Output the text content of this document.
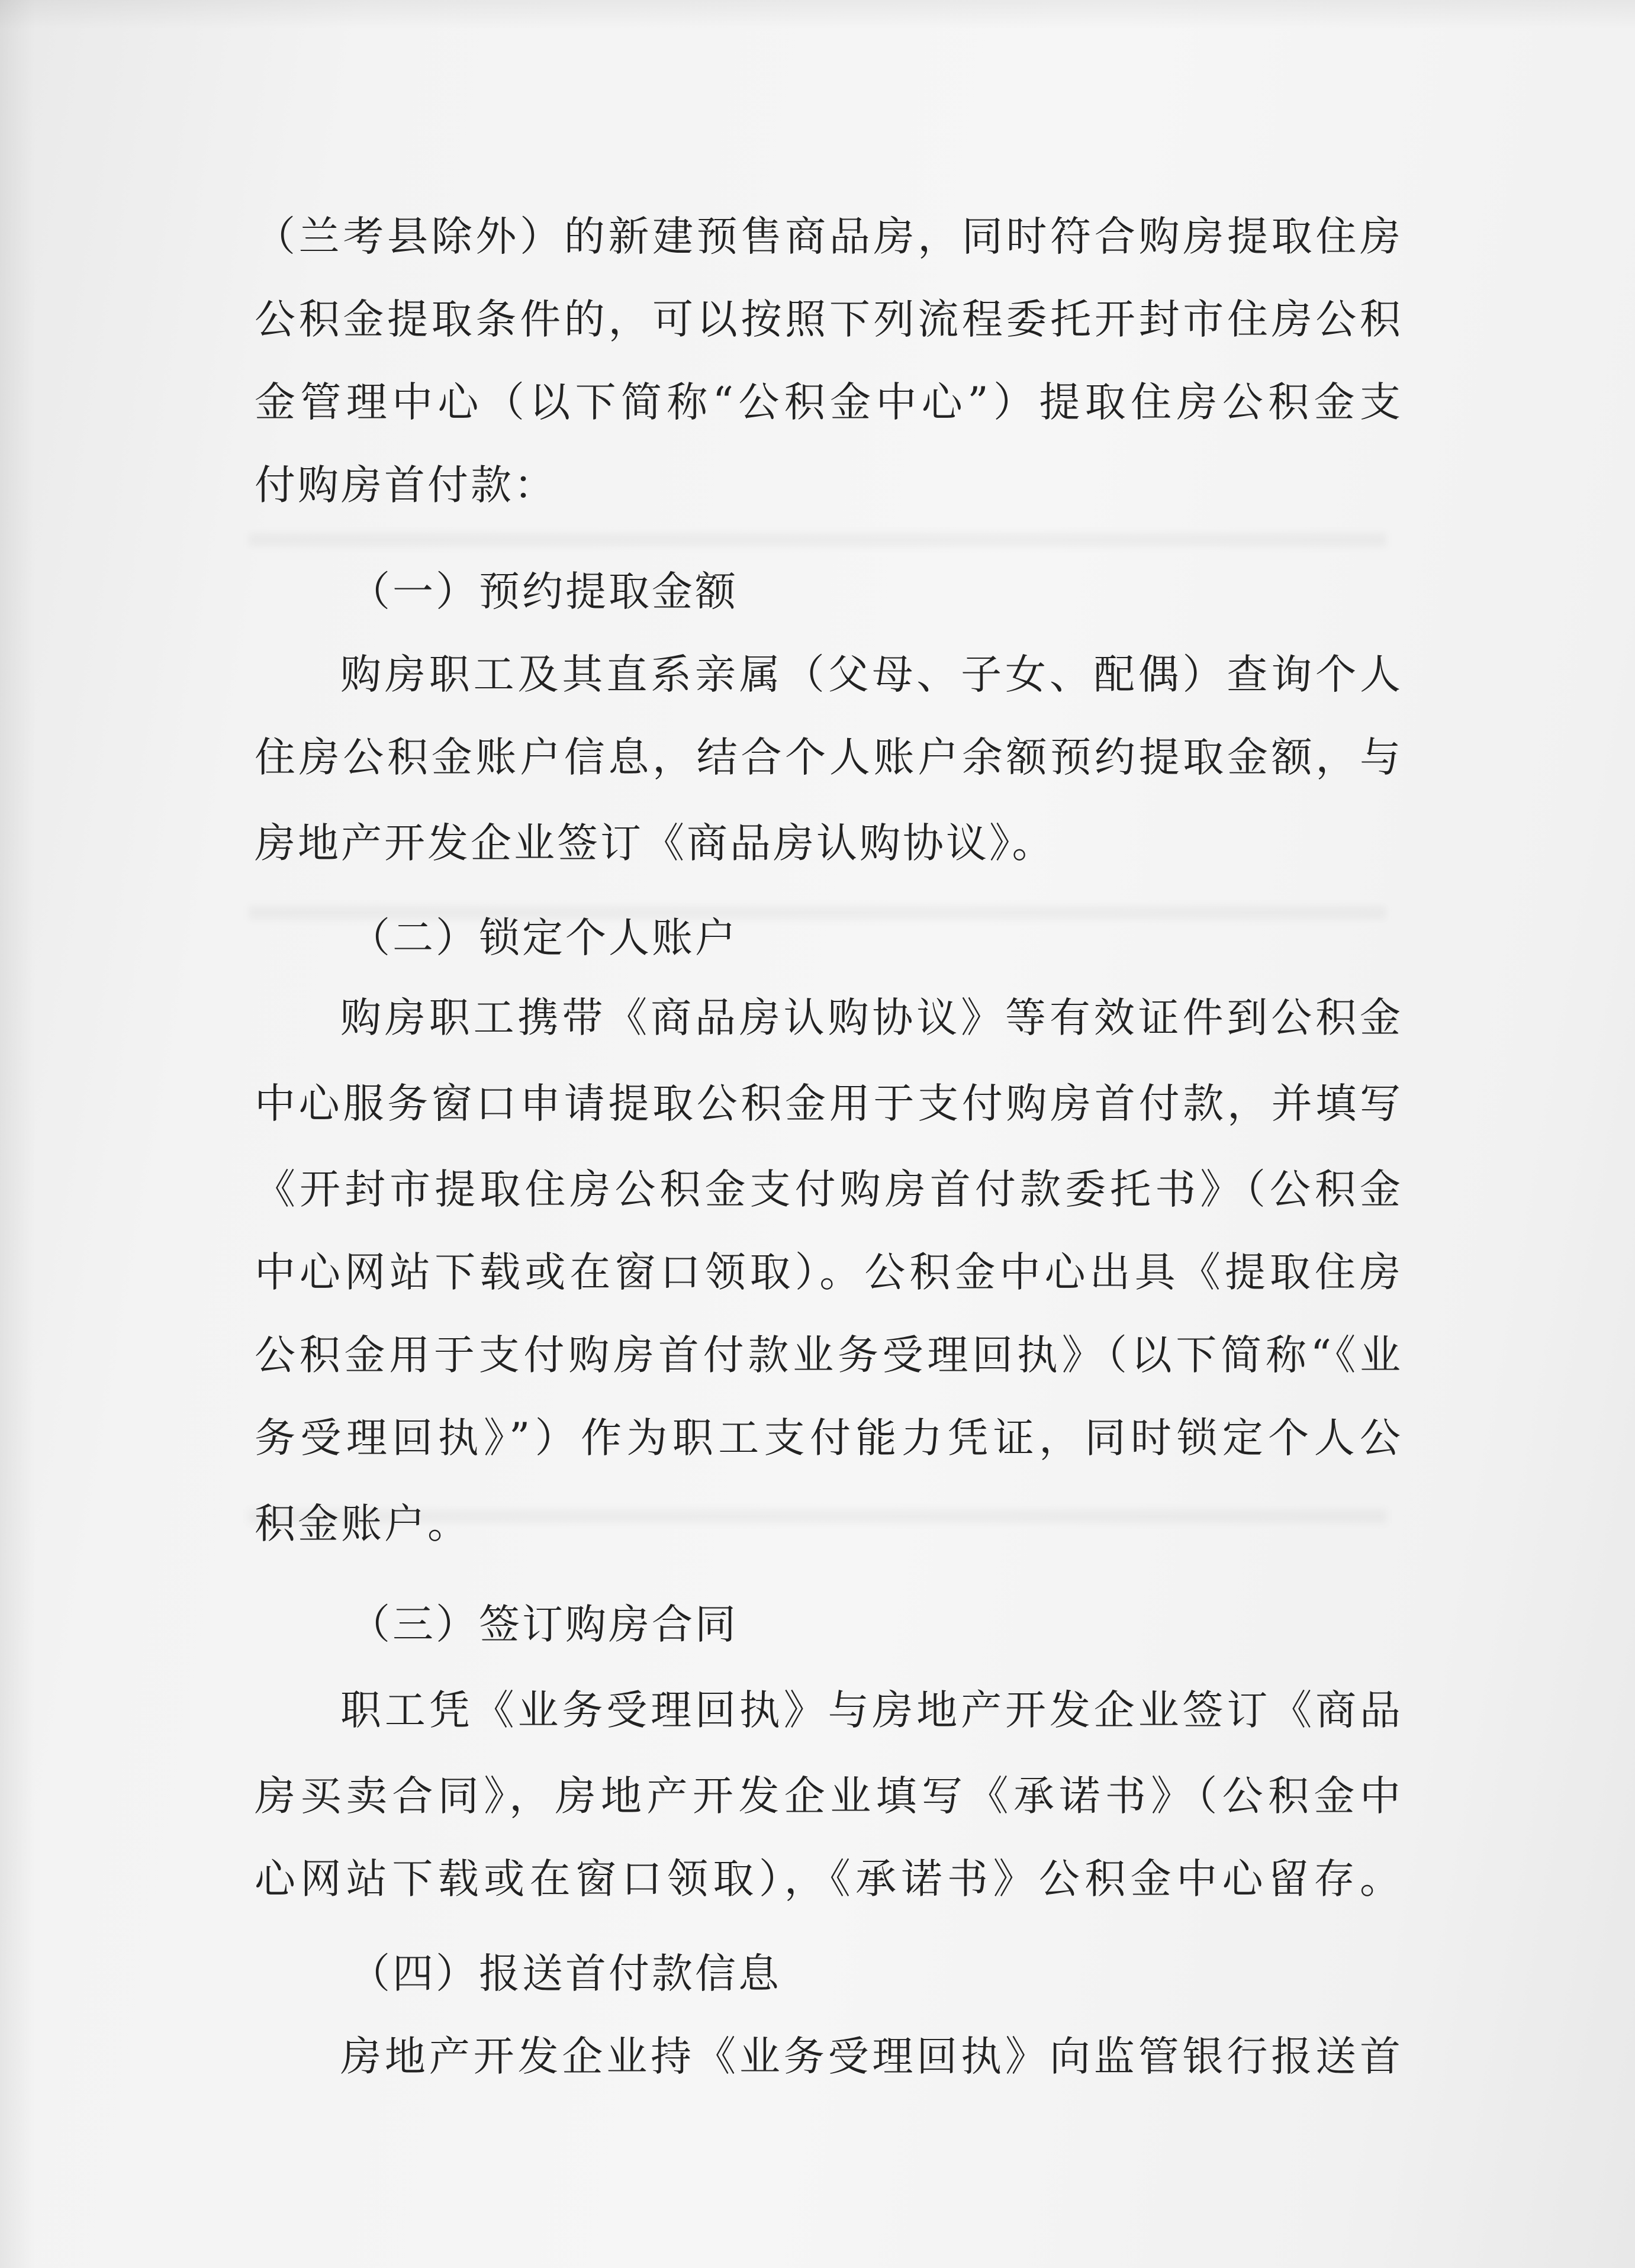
（兰考县除外）的新建预售商品房，同时符合购房提取住房
公积金提取条件的，可以按照下列流程委托开封市住房公积
金管理中心（以下简称“公积金中心”）提取住房公积金支
付购房首付款：
（一）预约提取金额
购房职工及其直系亲属（父母、子女、配偶）查询个人
住房公积金账户信息，结合个人账户余额预约提取金额，与
房地产开发企业签订《商品房认购协议》。
（二）锁定个人账户
购房职工携带《商品房认购协议》等有效证件到公积金
中心服务窗口申请提取公积金用于支付购房首付款，并填写
《开封市提取住房公积金支付购房首付款委托书》（公积金
中心网站下载或在窗口领取）。公积金中心出具《提取住房
公积金用于支付购房首付款业务受理回执》（以下简称“《业
务受理回执》”）作为职工支付能力凭证，同时锁定个人公
积金账户。
（三）签订购房合同
职工凭《业务受理回执》与房地产开发企业签订《商品
房买卖合同》，房地产开发企业填写《承诺书》（公积金中
心网站下载或在窗口领取），《承诺书》公积金中心留存。
（四）报送首付款信息
房地产开发企业持《业务受理回执》向监管银行报送首
